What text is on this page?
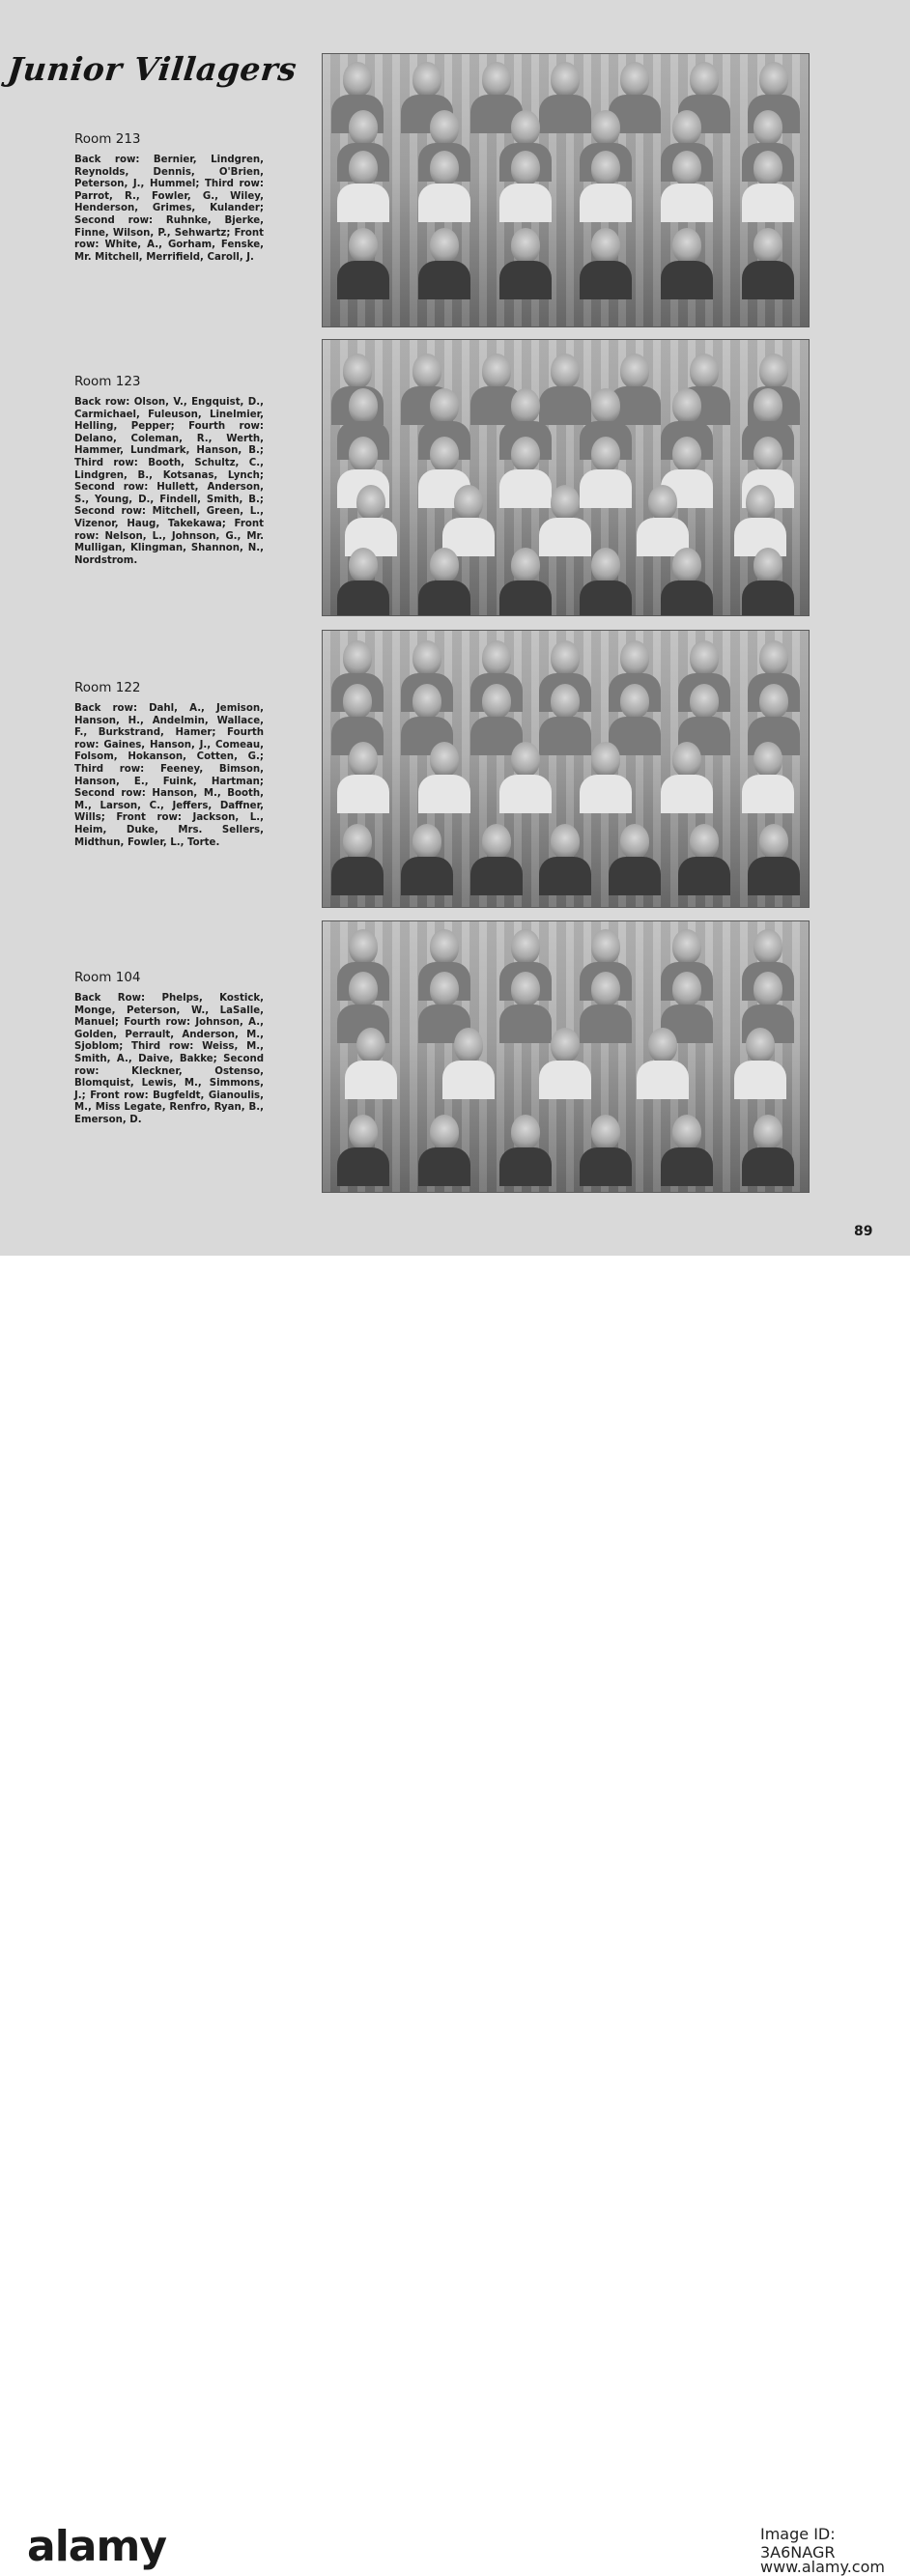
Junior Villagers
Room 213
Back row: Bernier, Lindgren, Reynolds, Dennis, O'Brien, Peterson, J., Hummel; Third row: Parrot, R., Fowler, G., Wiley, Henderson, Grimes, Kulander; Second row: Ruhnke, Bjerke, Finne, Wilson, P., Sehwartz; Front row: White, A., Gorham, Fenske, Mr. Mitchell, Merrifield, Caroll, J.
Room 123
Back row: Olson, V., Engquist, D., Carmichael, Fuleuson, Linelmier, Helling, Pepper; Fourth row: Delano, Coleman, R., Werth, Hammer, Lundmark, Hanson, B.; Third row: Booth, Schultz, C., Lindgren, B., Kotsanas, Lynch; Second row: Hullett, Anderson, S., Young, D., Findell, Smith, B.; Second row: Mitchell, Green, L., Vizenor, Haug, Takekawa; Front row: Nelson, L., Johnson, G., Mr. Mulligan, Klingman, Shannon, N., Nordstrom.
Room 122
Back row: Dahl, A., Jemison, Hanson, H., Andelmin, Wallace, F., Burkstrand, Hamer; Fourth row: Gaines, Hanson, J., Comeau, Folsom, Hokanson, Cotten, G.; Third row: Feeney, Bimson, Hanson, E., Fuink, Hartman; Second row: Hanson, M., Booth, M., Larson, C., Jeffers, Daffner, Wills; Front row: Jackson, L., Heim, Duke, Mrs. Sellers, Midthun, Fowler, L., Torte.
Room 104
Back Row: Phelps, Kostick, Monge, Peterson, W., LaSalle, Manuel; Fourth row: Johnson, A., Golden, Perrault, Anderson, M., Sjoblom; Third row: Weiss, M., Smith, A., Daive, Bakke; Second row: Kleckner, Ostenso, Blomquist, Lewis, M., Simmons, J.; Front row: Bugfeldt, Gianoulis, M., Miss Legate, Renfro, Ryan, B., Emerson, D.
89
alamy	Image ID: 3A6NAGR
www.alamy.com
